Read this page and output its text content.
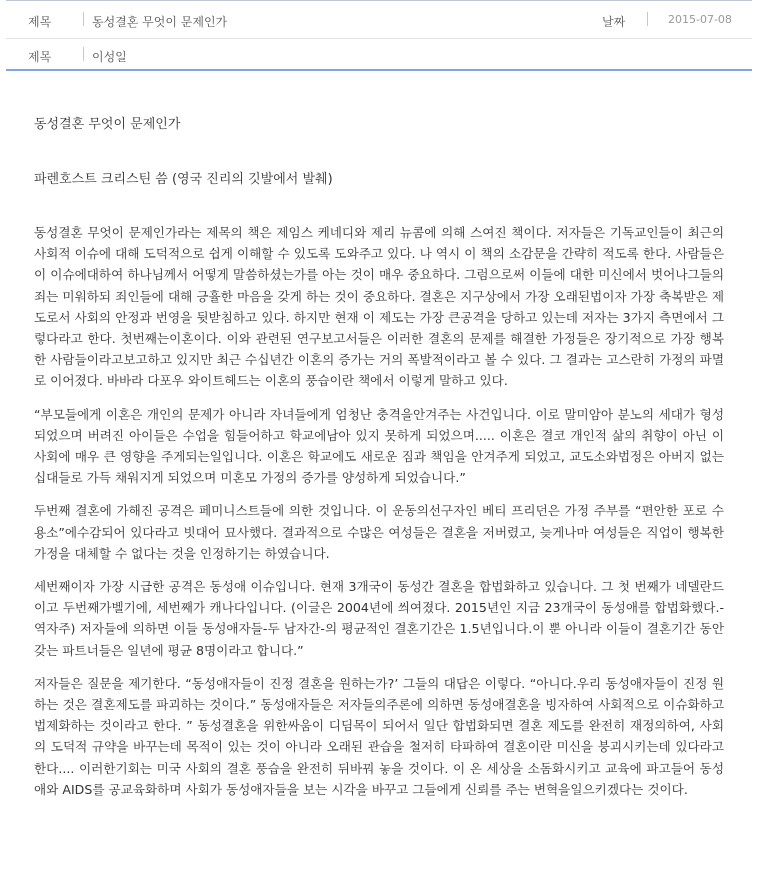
제목	동성결혼 무엇이 문제인가	날짜	2015-07-08
제목	이성일

동성결혼 무엇이 문제인가

파렌호스트 크리스틴 씀 (영국 진리의 깃발에서 발췌)

동성결혼 무엇이 문제인가라는 제목의 책은 제임스 케네디와 제리 뉴콤에 의해 스여진 책이다. 저자들은 기독교인들이 최근의 사회적 이슈에 대해 도덕적으로 쉽게 이해할 수 있도록 도와주고 있다. 나 역시 이 책의 소감문을 간략히 적도록 한다. 사람들은 이 이슈에대하여 하나님께서 어떻게 말씀하셨는가를 아는 것이 매우 중요하다. 그럼으로써 이들에 대한 미신에서 벗어나그들의 죄는 미워하되 죄인들에 대해 긍휼한 마음을 갖게 하는 것이 중요하다. 결혼은 지구상에서 가장 오래된법이자 가장 축복받은 제도로서 사회의 안정과 번영을 뒷받침하고 있다. 하지만 현재 이 제도는 가장 큰공격을 당하고 있는데 저자는 3가지 측면에서 그렇다라고 한다. 첫번째는이혼이다. 이와 관련된 연구보고서들은 이러한 결혼의 문제를 해결한 가정들은 장기적으로 가장 행복한 사람들이라고보고하고 있지만 최근 수십년간 이혼의 증가는 거의 폭발적이라고 볼 수 있다. 그 결과는 고스란히 가정의 파멸로 이어졌다. 바바라 다포우 와이트헤드는 이혼의 풍습이란 책에서 이렇게 말하고 있다.

“부모들에게 이혼은 개인의 문제가 아니라 자녀들에게 엄청난 충격을안겨주는 사건입니다. 이로 말미암아 분노의 세대가 형성되었으며 버려진 아이들은 수업을 힘들어하고 학교에남아 있지 못하게 되었으며..... 이혼은 결코 개인적 삶의 취향이 아닌 이 사회에 매우 큰 영향을 주게되는일입니다. 이혼은 학교에도 새로운 짐과 책임을 안겨주게 되었고, 교도소와법정은 아버지 없는 십대들로 가득 채워지게 되었으며 미혼모 가정의 증가를 양성하게 되었습니다.”

두번째 결혼에 가해진 공격은 페미니스트들에 의한 것입니다. 이 운동의선구자인 베티 프리던은 가정 주부를 “편안한 포로 수용소”에수감되어 있다라고 빗대어 묘사했다. 결과적으로 수많은 여성들은 결혼을 저버렸고, 늦게나마 여성들은 직업이 행복한 가정을 대체할 수 없다는 것을 인정하기는 하였습니다.

세번째이자 가장 시급한 공격은 동성애 이슈입니다. 현재 3개국이 동성간 결혼을 합법화하고 있습니다. 그 첫 번째가 네델란드이고 두번째가벨기에, 세번째가 캐나다입니다. (이글은 2004년에 씌여졌다. 2015년인 지금 23개국이 동성애를 합법화했다.- 역자주) 저자들에 의하면 이들 동성애자들-두 남자간-의 평균적인 결혼기간은 1.5년입니다.이 뿐 아니라 이들이 결혼기간 동안 갖는 파트너들은 일년에 평균 8명이라고 합니다.”

저자들은 질문을 제기한다. “동성애자들이 진정 결혼을 원하는가?’ 그들의 대답은 이렇다. “아니다.우리 동성애자들이 진정 원하는 것은 결혼제도를 파괴하는 것이다.” 동성애자들은 저자들의주론에 의하면 동성애결혼을 빙자하여 사회적으로 이슈화하고 법제화하는 것이라고 한다. ” 동성결혼을 위한싸움이 디딤목이 되어서 일단 합법화되면 결혼 제도를 완전히 재정의하여, 사회의 도덕적 규약을 바꾸는데 목적이 있는 것이 아니라 오래된 관습을 철저히 타파하여 결혼이란 미신을 붕괴시키는데 있다라고 한다.... 이러한기회는 미국 사회의 결혼 풍습을 완전히 뒤바꿔 놓을 것이다. 이 온 세상을 소돔화시키고 교육에 파고들어 동성애와 AIDS를 공교육화하며 사회가 동성애자들을 보는 시각을 바꾸고 그들에게 신뢰를 주는 변혁을일으키겠다는 것이다.
